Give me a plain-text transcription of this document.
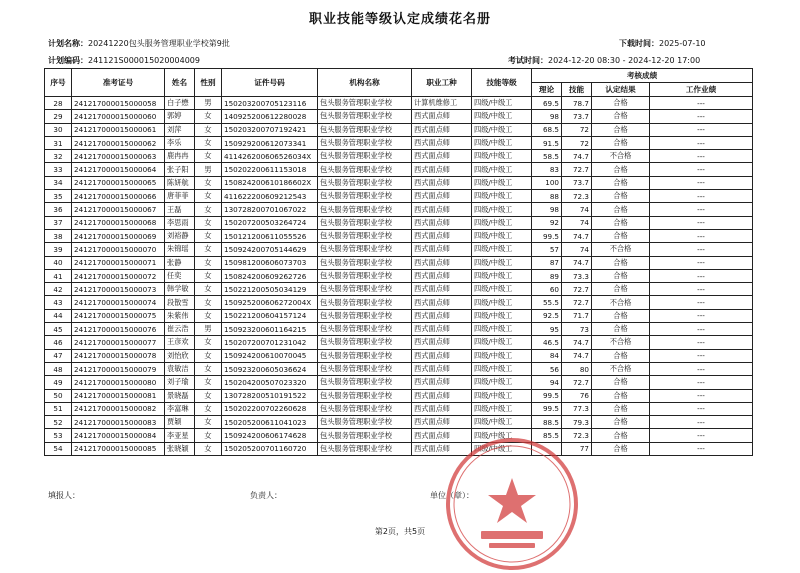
职业技能等级认定成绩花名册
计划名称：20241220包头服务管理职业学校第9批	下载时间：2025-07-10
计划编码：241121S000015020004009	考试时间：2024-12-20 08:30 - 2024-12-20 17:00
序号	准考证号	姓名	性别	证件号码	机构名称	职业工种	技能等级	考核成绩			
								理论	技能	认定结果	工作业绩
28	241217000015000058	白子懋	男	150203200705123116	包头服务管理职业学校	计算机维修工	四级/中级工	69.5	78.7	合格	---
29	241217000015000060	郭婷	女	140925200612280028	包头服务管理职业学校	西式面点师	四级/中级工	98	73.7	合格	---
30	241217000015000061	刘萍	女	150203200707192421	包头服务管理职业学校	西式面点师	四级/中级工	68.5	72	合格	---
31	241217000015000062	李乐	女	150929200612073341	包头服务管理职业学校	西式面点师	四级/中级工	91.5	72	合格	---
32	241217000015000063	鹿冉冉	女	411426200606526034X	包头服务管理职业学校	西式面点师	四级/中级工	58.5	74.7	不合格	---
33	241217000015000064	张子阳	男	150202200611153018	包头服务管理职业学校	西式面点师	四级/中级工	83	72.7	合格	---
34	241217000015000065	陈妍航	女	150824200610186602X	包头服务管理职业学校	西式面点师	四级/中级工	100	73.7	合格	---
35	241217000015000066	唐菲菲	女	411622200609212543	包头服务管理职业学校	西式面点师	四级/中级工	88	72.3	合格	---
36	241217000015000067	王磊	女	130728200701067022	包头服务管理职业学校	西式面点师	四级/中级工	98	74	合格	---
37	241217000015000068	李思雨	女	150207200503264724	包头服务管理职业学校	西式面点师	四级/中级工	92	74	合格	---
38	241217000015000069	刘裕静	女	150121200611055526	包头服务管理职业学校	西式面点师	四级/中级工	99.5	74.7	合格	---
39	241217000015000070	朱锦瑶	女	150924200705144629	包头服务管理职业学校	西式面点师	四级/中级工	57	74	不合格	---
40	241217000015000071	张静	女	150981200606073703	包头服务管理职业学校	西式面点师	四级/中级工	87	74.7	合格	---
41	241217000015000072	任奕	女	150824200609262726	包头服务管理职业学校	西式面点师	四级/中级工	89	73.3	合格	---
42	241217000015000073	韩学敏	女	150221200505034129	包头服务管理职业学校	西式面点师	四级/中级工	60	72.7	合格	---
43	241217000015000074	段散雪	女	150925200606272004X	包头服务管理职业学校	西式面点师	四级/中级工	55.5	72.7	不合格	---
44	241217000015000075	朱紫伟	女	150221200604157124	包头服务管理职业学校	西式面点师	四级/中级工	92.5	71.7	合格	---
45	241217000015000076	崔云浩	男	150923200601164215	包头服务管理职业学校	西式面点师	四级/中级工	95	73	合格	---
46	241217000015000077	王彦欢	女	150207200701231042	包头服务管理职业学校	西式面点师	四级/中级工	46.5	74.7	不合格	---
47	241217000015000078	刘怡欣	女	150924200610070045	包头服务管理职业学校	西式面点师	四级/中级工	84	74.7	合格	---
48	241217000015000079	袁敏洁	女	150923200605036624	包头服务管理职业学校	西式面点师	四级/中级工	56	80	不合格	---
49	241217000015000080	刘子瑜	女	150204200507023320	包头服务管理职业学校	西式面点师	四级/中级工	94	72.7	合格	---
50	241217000015000081	景晓磊	女	130728200510191522	包头服务管理职业学校	西式面点师	四级/中级工	99.5	76	合格	---
51	241217000015000082	李富琳	女	150202200702260628	包头服务管理职业学校	西式面点师	四级/中级工	99.5	77.3	合格	---
52	241217000015000083	贾颖	女	150205200611041023	包头服务管理职业学校	西式面点师	四级/中级工	88.5	79.3	合格	---
53	241217000015000084	李亚星	女	150924200606174628	包头服务管理职业学校	西式面点师	四级/中级工	85.5	72.3	合格	---
54	241217000015000085	张晓颖	女	150205200701160720	包头服务管理职业学校	西式面点师	四级/中级工		77	合格	---
填报人：	负责人：	单位（章）：
第2页，共5页
